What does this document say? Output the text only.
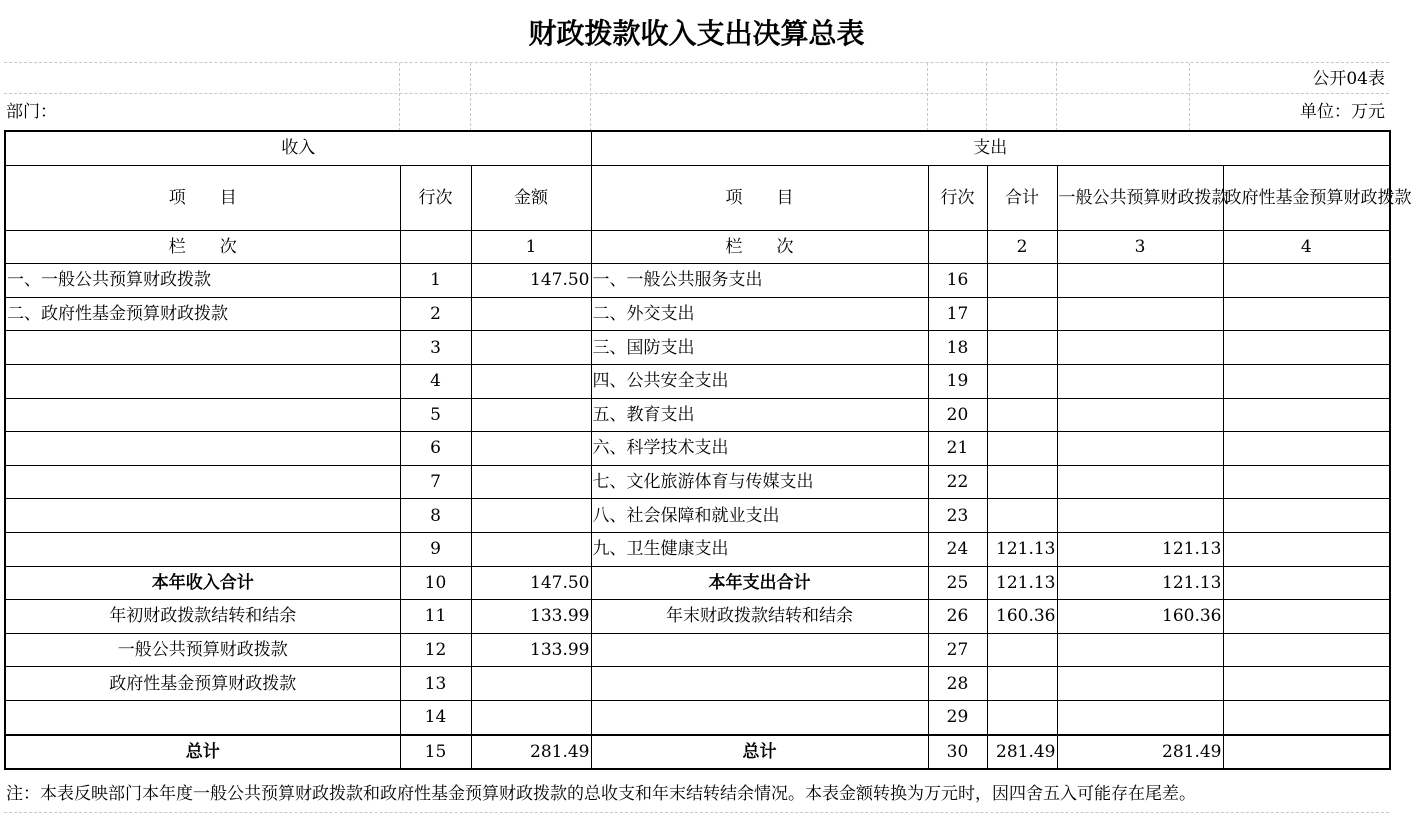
财政拨款收入支出决算总表
公开04表
部门：	单位：万元
收入			支出				
项　　目	行次	金额	项　　目	行次	合计	一般公共预算财政拨款	政府性基金预算财政拨款
栏　　次		1	栏　　次		2	3	4
一、一般公共预算财政拨款	1	147.50	一、一般公共服务支出	16			
二、政府性基金预算财政拨款	2		二、外交支出	17			
	3		三、国防支出	18			
	4		四、公共安全支出	19			
	5		五、教育支出	20			
	6		六、科学技术支出	21			
	7		七、文化旅游体育与传媒支出	22			
	8		八、社会保障和就业支出	23			
	9		九、卫生健康支出	24	121.13	121.13	
本年收入合计	10	147.50	本年支出合计	25	121.13	121.13	
年初财政拨款结转和结余	11	133.99	年末财政拨款结转和结余	26	160.36	160.36	
一般公共预算财政拨款	12	133.99		27			
政府性基金预算财政拨款	13			28			
	14			29			
总计	15	281.49	总计	30	281.49	281.49	
注：本表反映部门本年度一般公共预算财政拨款和政府性基金预算财政拨款的总收支和年末结转结余情况。本表金额转换为万元时，因四舍五入可能存在尾差。
